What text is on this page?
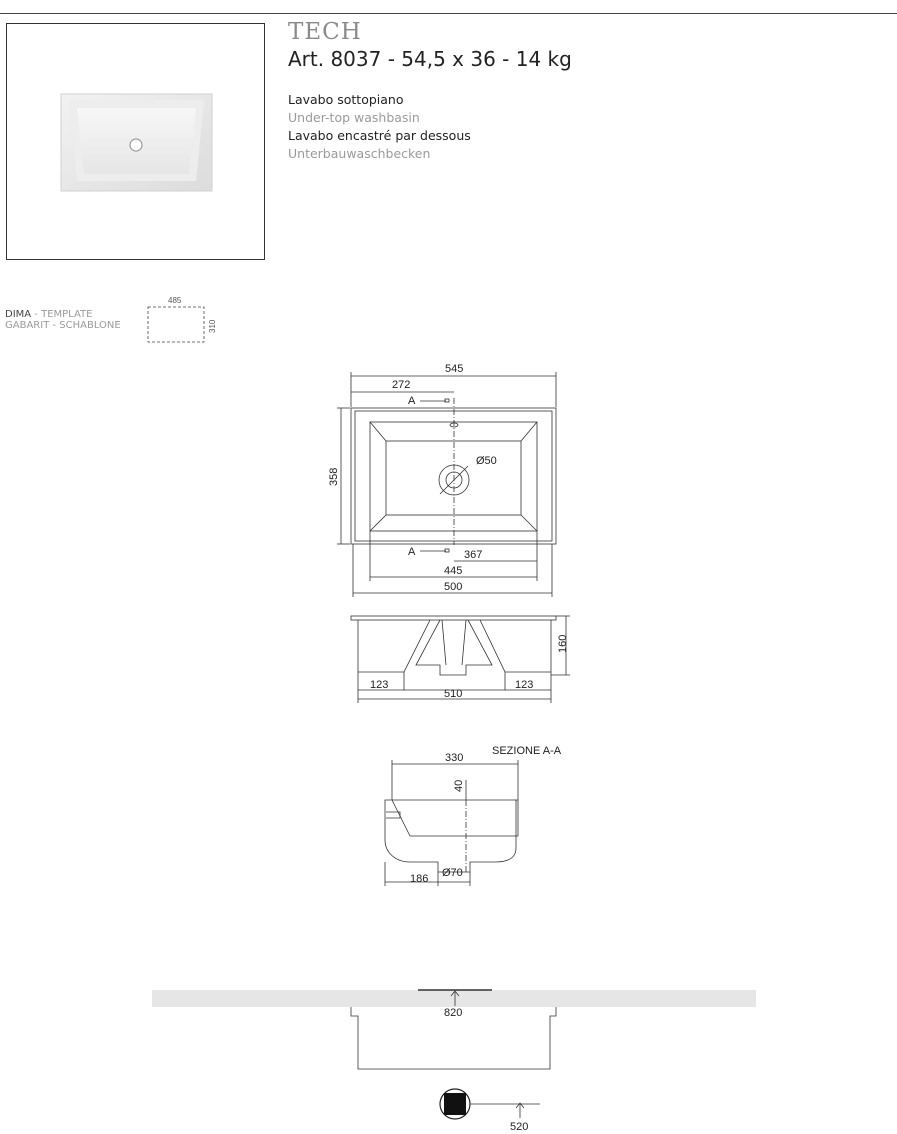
TECH
Art. 8037 - 54,5 x 36 - 14 kg
Lavabo sottopiano
Under-top washbasin
Lavabo encastré par dessous
Unterbauwaschbecken
DIMA - TEMPLATE
GABARIT - SCHABLONE
485
310
545
272
A
358
Ø50
A	367
445
500
160
123	123
510
SEZIONE A-A
330
40
186 Ø70
820
520
